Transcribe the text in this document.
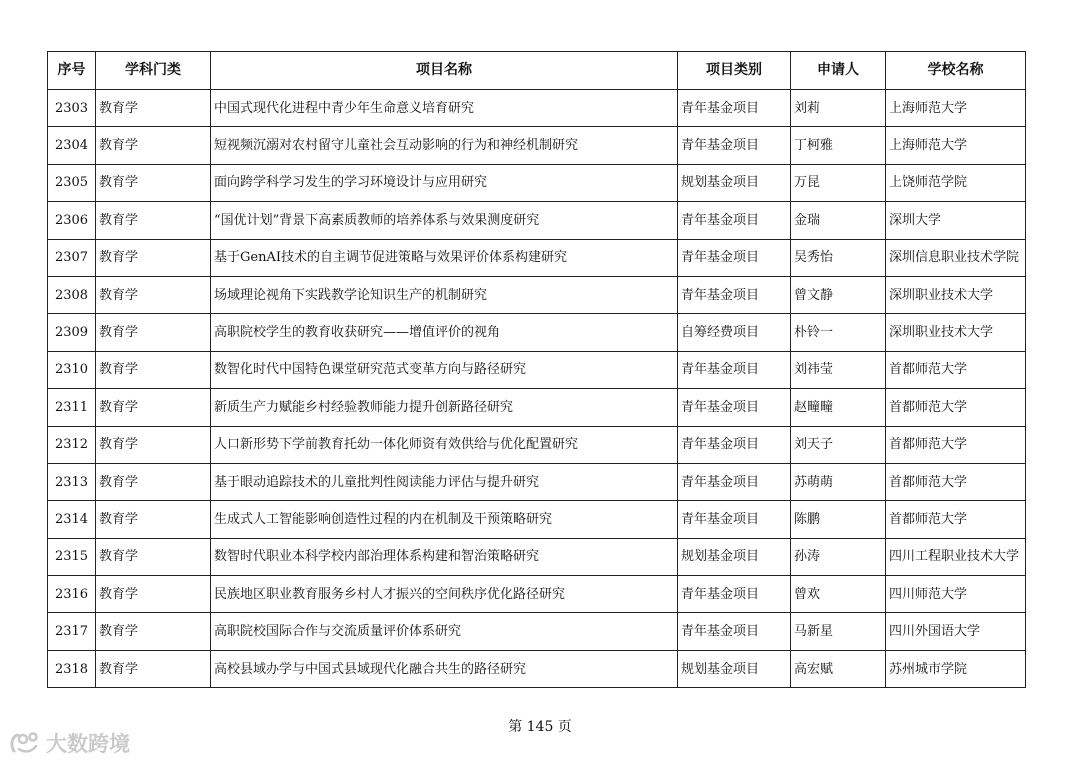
序号	学科门类	项目名称	项目类别	申请人	学校名称
2303	教育学	中国式现代化进程中青少年生命意义培育研究	青年基金项目	刘莉	上海师范大学
2304	教育学	短视频沉溺对农村留守儿童社会互动影响的行为和神经机制研究	青年基金项目	丁柯雅	上海师范大学
2305	教育学	面向跨学科学习发生的学习环境设计与应用研究	规划基金项目	万昆	上饶师范学院
2306	教育学	“国优计划”背景下高素质教师的培养体系与效果测度研究	青年基金项目	金瑞	深圳大学
2307	教育学	基于GenAI技术的自主调节促进策略与效果评价体系构建研究	青年基金项目	吴秀怡	深圳信息职业技术学院
2308	教育学	场域理论视角下实践教学论知识生产的机制研究	青年基金项目	曾文静	深圳职业技术大学
2309	教育学	高职院校学生的教育收获研究——增值评价的视角	自筹经费项目	朴铃一	深圳职业技术大学
2310	教育学	数智化时代中国特色课堂研究范式变革方向与路径研究	青年基金项目	刘祎莹	首都师范大学
2311	教育学	新质生产力赋能乡村经验教师能力提升创新路径研究	青年基金项目	赵疃疃	首都师范大学
2312	教育学	人口新形势下学前教育托幼一体化师资有效供给与优化配置研究	青年基金项目	刘天子	首都师范大学
2313	教育学	基于眼动追踪技术的儿童批判性阅读能力评估与提升研究	青年基金项目	苏萌萌	首都师范大学
2314	教育学	生成式人工智能影响创造性过程的内在机制及干预策略研究	青年基金项目	陈鹏	首都师范大学
2315	教育学	数智时代职业本科学校内部治理体系构建和智治策略研究	规划基金项目	孙涛	四川工程职业技术大学
2316	教育学	民族地区职业教育服务乡村人才振兴的空间秩序优化路径研究	青年基金项目	曾欢	四川师范大学
2317	教育学	高职院校国际合作与交流质量评价体系研究	青年基金项目	马新星	四川外国语大学
2318	教育学	高校县域办学与中国式县域现代化融合共生的路径研究	规划基金项目	高宏赋	苏州城市学院
第 145 页
大数跨境
